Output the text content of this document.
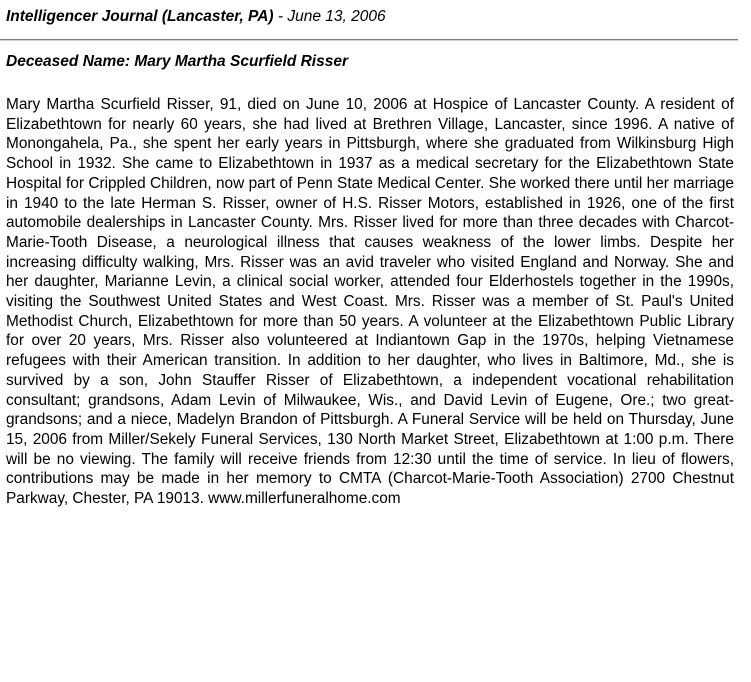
Intelligencer Journal (Lancaster, PA) - June 13, 2006
Deceased Name: Mary Martha Scurfield Risser

Mary Martha Scurfield Risser, 91, died on June 10, 2006 at Hospice of Lancaster County. A resident of Elizabethtown for nearly 60 years, she had lived at Brethren Village, Lancaster, since 1996. A native of Monongahela, Pa., she spent her early years in Pittsburgh, where she graduated from Wilkinsburg High School in 1932. She came to Elizabethtown in 1937 as a medical secretary for the Elizabethtown State Hospital for Crippled Children, now part of Penn State Medical Center. She worked there until her marriage in 1940 to the late Herman S. Risser, owner of H.S. Risser Motors, established in 1926, one of the first automobile dealerships in Lancaster County. Mrs. Risser lived for more than three decades with Charcot-Marie-Tooth Disease, a neurological illness that causes weakness of the lower limbs. Despite her increasing difficulty walking, Mrs. Risser was an avid traveler who visited England and Norway. She and her daughter, Marianne Levin, a clinical social worker, attended four Elderhostels together in the 1990s, visiting the Southwest United States and West Coast. Mrs. Risser was a member of St. Paul's United Methodist Church, Elizabethtown for more than 50 years. A volunteer at the Elizabethtown Public Library for over 20 years, Mrs. Risser also volunteered at Indiantown Gap in the 1970s, helping Vietnamese refugees with their American transition. In addition to her daughter, who lives in Baltimore, Md., she is survived by a son, John Stauffer Risser of Elizabethtown, a independent vocational rehabilitation consultant; grandsons, Adam Levin of Milwaukee, Wis., and David Levin of Eugene, Ore.; two great-grandsons; and a niece, Madelyn Brandon of Pittsburgh. A Funeral Service will be held on Thursday, June 15, 2006 from Miller/Sekely Funeral Services, 130 North Market Street, Elizabethtown at 1:00 p.m. There will be no viewing. The family will receive friends from 12:30 until the time of service. In lieu of flowers, contributions may be made in her memory to CMTA (Charcot-Marie-Tooth Association) 2700 Chestnut Parkway, Chester, PA 19013. www.millerfuneralhome.com
